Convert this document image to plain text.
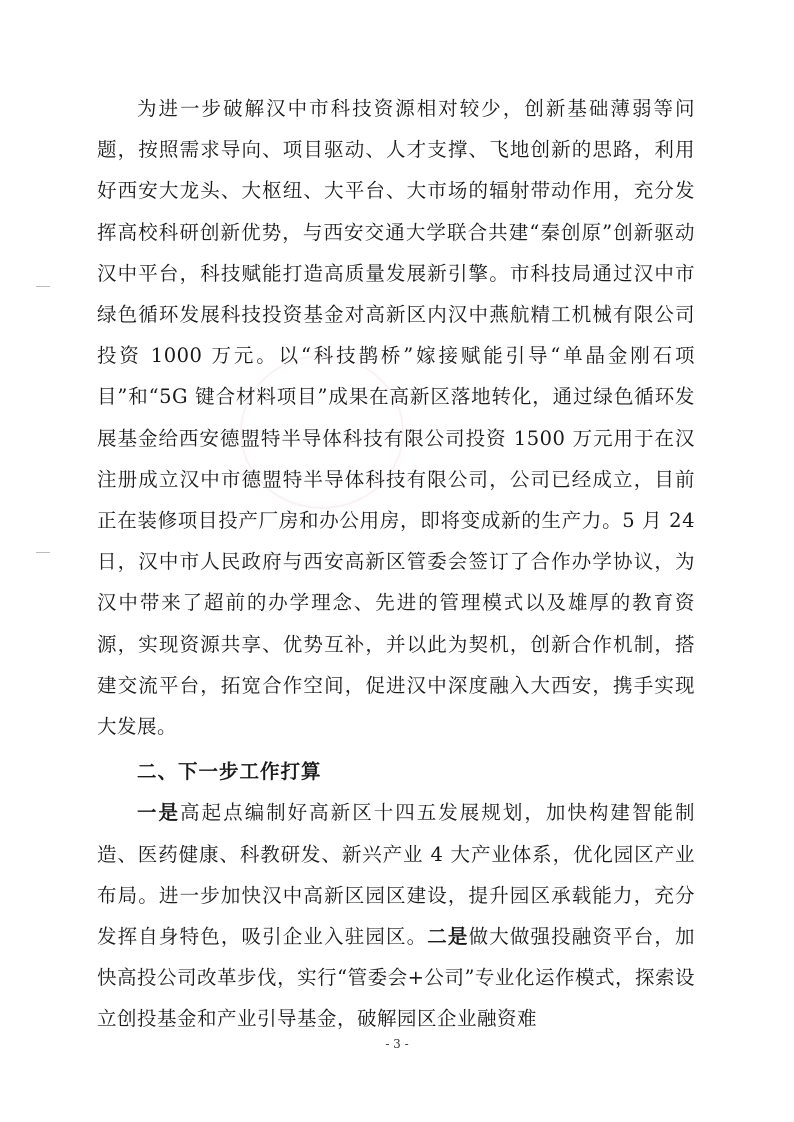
为进一步破解汉中市科技资源相对较少，创新基础薄弱等问题，按照需求导向、项目驱动、人才支撑、飞地创新的思路，利用好西安大龙头、大枢纽、大平台、大市场的辐射带动作用，充分发挥高校科研创新优势，与西安交通大学联合共建“秦创原”创新驱动汉中平台，科技赋能打造高质量发展新引擎。市科技局通过汉中市绿色循环发展科技投资基金对高新区内汉中燕航精工机械有限公司投资 1000 万元。以“科技鹊桥”嫁接赋能引导“单晶金刚石项目”和“5G 键合材料项目”成果在高新区落地转化，通过绿色循环发展基金给西安德盟特半导体科技有限公司投资 1500 万元用于在汉注册成立汉中市德盟特半导体科技有限公司，公司已经成立，目前正在装修项目投产厂房和办公用房，即将变成新的生产力。5 月 24 日，汉中市人民政府与西安高新区管委会签订了合作办学协议，为汉中带来了超前的办学理念、先进的管理模式以及雄厚的教育资源，实现资源共享、优势互补，并以此为契机，创新合作机制，搭建交流平台，拓宽合作空间，促进汉中深度融入大西安，携手实现大发展。

二、下一步工作打算

一是高起点编制好高新区十四五发展规划，加快构建智能制造、医药健康、科教研发、新兴产业 4 大产业体系，优化园区产业布局。进一步加快汉中高新区园区建设，提升园区承载能力，充分发挥自身特色，吸引企业入驻园区。二是做大做强投融资平台，加快高投公司改革步伐，实行“管委会+公司”专业化运作模式，探索设立创投基金和产业引导基金，破解园区企业融资难

- 3 -
